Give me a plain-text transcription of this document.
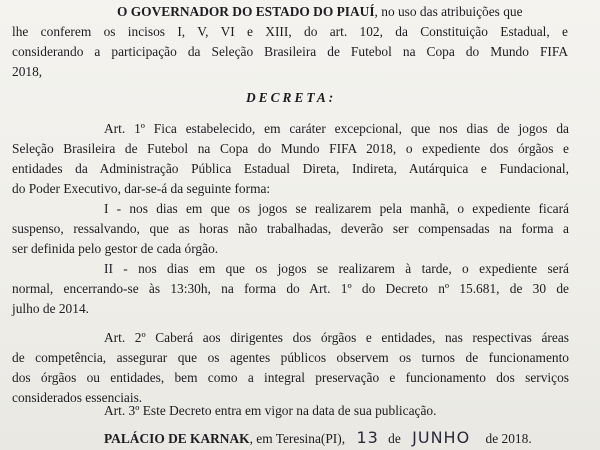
O GOVERNADOR DO ESTADO DO PIAUÍ, no uso das atribuições que
lhe conferem os incisos I, V, VI e XIII, do art. 102, da Constituição Estadual, e
considerando a participação da Seleção Brasileira de Futebol na Copa do Mundo FIFA
2018,
DECRETA:
Art. 1º Fica estabelecido, em caráter excepcional, que nos dias de jogos da
Seleção Brasileira de Futebol na Copa do Mundo FIFA 2018, o expediente dos órgãos e
entidades da Administração Pública Estadual Direta, Indireta, Autárquica e Fundacional,
do Poder Executivo, dar-se-á da seguinte forma:
I - nos dias em que os jogos se realizarem pela manhã, o expediente ficará
suspenso, ressalvando, que as horas não trabalhadas, deverão ser compensadas na forma a
ser definida pelo gestor de cada órgão.
II - nos dias em que os jogos se realizarem à tarde, o expediente será
normal, encerrando-se às 13:30h, na forma do Art. 1º do Decreto nº 15.681, de 30 de
julho de 2014.
Art. 2º Caberá aos dirigentes dos órgãos e entidades, nas respectivas áreas
de competência, assegurar que os agentes públicos observem os turnos de funcionamento
dos órgãos ou entidades, bem como a integral preservação e funcionamento dos serviços
considerados essenciais.
Art. 3º Este Decreto entra em vigor na data de sua publicação.
PALÁCIO DE KARNAK, em Teresina(PI), 13 de JUNHO de 2018.
